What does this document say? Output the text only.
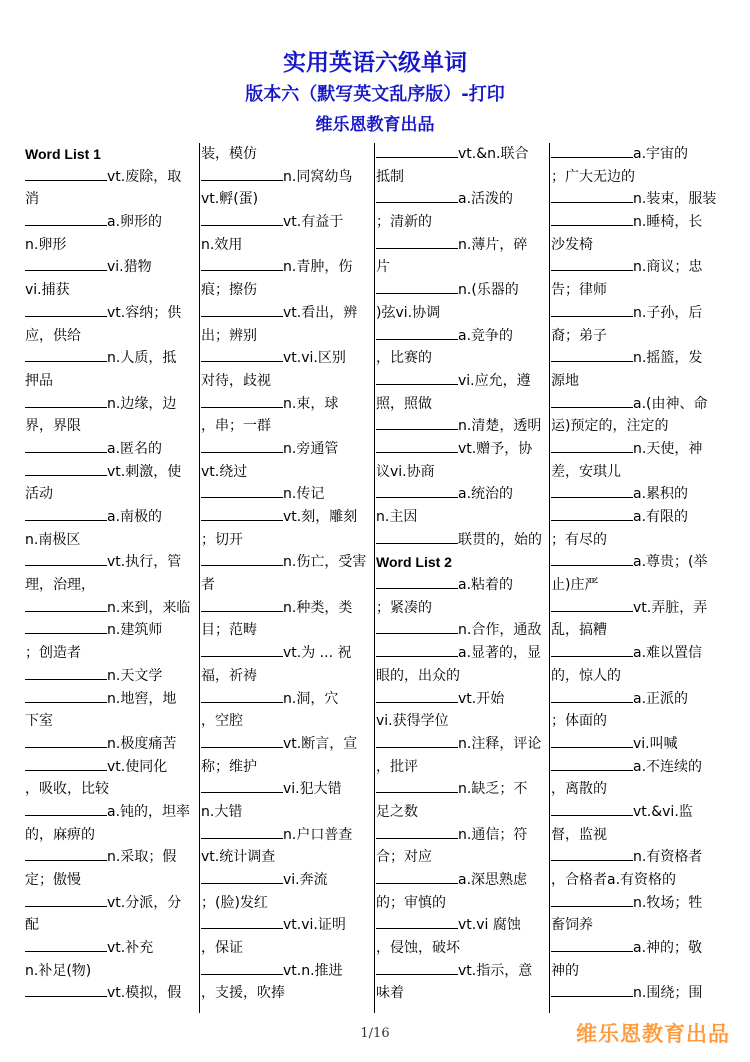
实用英语六级单词
版本六（默写英文乱序版）-打印
维乐恩教育出品
Word List 1
vt.废除，取
消
a.卵形的
n.卵形
vi.猎物
vi.捕获
vt.容纳；供
应，供给
n.人质，抵
押品
n.边缘，边
界，界限
a.匿名的
vt.刺激，使
活动
a.南极的
n.南极区
vt.执行，管
理，治理，
n.来到，来临
n.建筑师
；创造者
n.天文学
n.地窖，地
下室
n.极度痛苦
vt.使同化
，吸收，比较
a.钝的，坦率
的，麻痹的
n.采取；假
定；傲慢
vt.分派，分
配
vt.补充
n.补足(物)
vt.模拟，假
装，模仿
n.同窝幼鸟
vt.孵(蛋)
vt.有益于
n.效用
n.青肿，伤
痕；擦伤
vt.看出，辨
出；辨别
vt.vi.区别
对待，歧视
n.束，球
，串；一群
n.旁通管
vt.绕过
n.传记
vt.刻，雕刻
；切开
n.伤亡，受害
者
n.种类，类
目；范畴
vt.为 ... 祝
福，祈祷
n.洞，穴
，空腔
vt.断言，宣
称；维护
vi.犯大错
n.大错
n.户口普查
vt.统计调查
vi.奔流
；(脸)发红
vt.vi.证明
，保证
vt.n.推进
，支援，吹捧
vt.&n.联合
抵制
a.活泼的
；清新的
n.薄片，碎
片
n.(乐器的
)弦vi.协调
a.竞争的
，比赛的
vi.应允，遵
照，照做
n.清楚，透明
vt.赠予，协
议vi.协商
a.统治的
n.主因
联贯的，始的
Word List 2
a.粘着的
；紧凑的
n.合作，通敌
a.显著的，显
眼的，出众的
vt.开始
vi.获得学位
n.注释，评论
，批评
n.缺乏；不
足之数
n.通信；符
合；对应
a.深思熟虑
的；审慎的
vt.vi 腐蚀
，侵蚀，破坏
vt.指示，意
味着
a.宇宙的
；广大无边的
n.装束，服装
n.睡椅，长
沙发椅
n.商议；忠
告；律师
n.子孙，后
裔；弟子
n.摇篮，发
源地
a.(由神、命
运)预定的，注定的
n.天使，神
差，安琪儿
a.累积的
a.有限的
；有尽的
a.尊贵；(举
止)庄严
vt.弄脏，弄
乱，搞糟
a.难以置信
的，惊人的
a.正派的
；体面的
vi.叫喊
a.不连续的
，离散的
vt.&vi.监
督，监视
n.有资格者
，合格者a.有资格的
n.牧场；牲
畜饲养
a.神的；敬
神的
n.围绕；围
1/16	维乐恩教育出品
